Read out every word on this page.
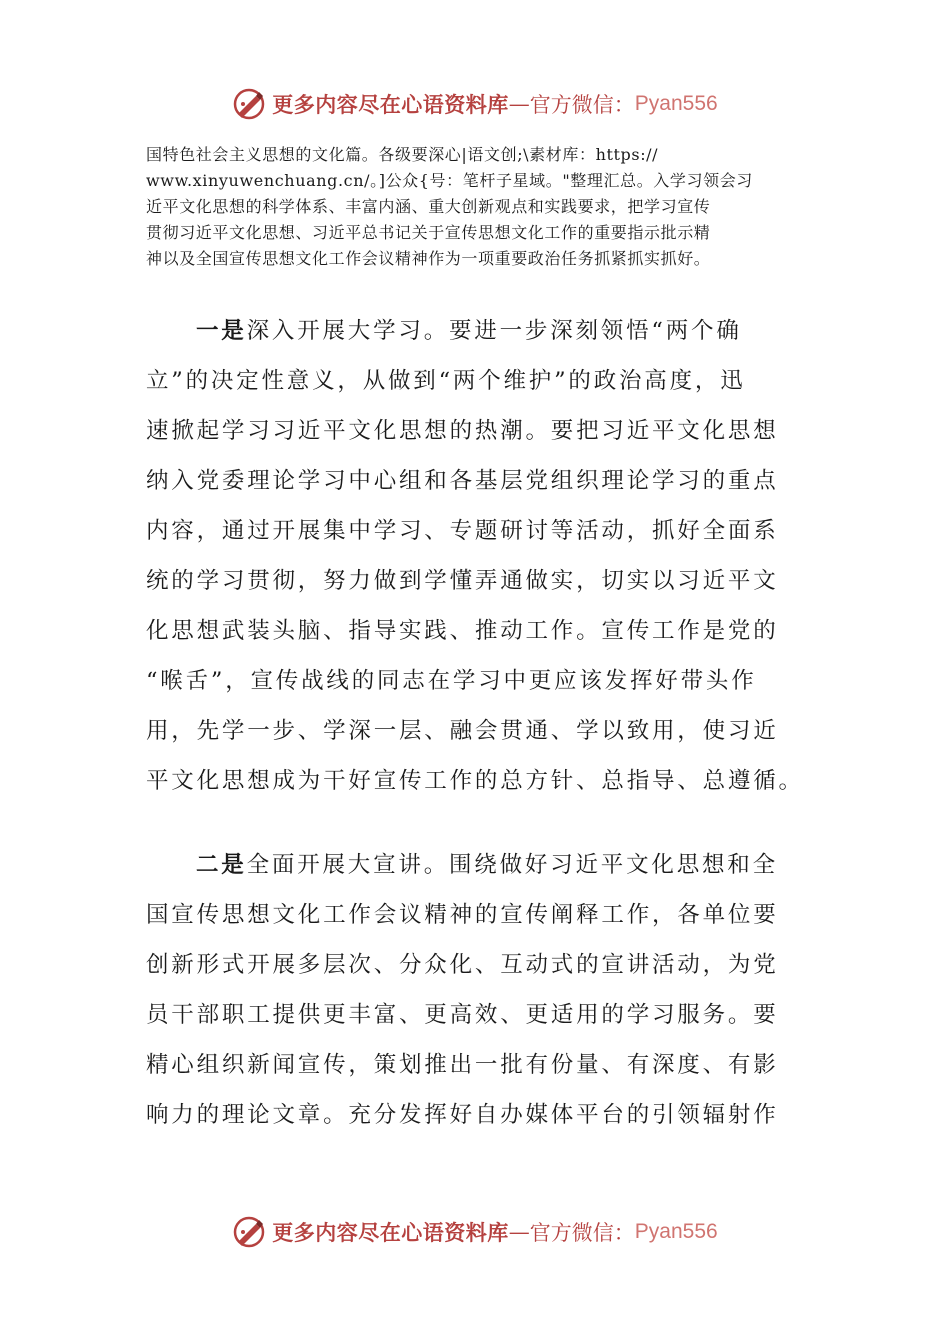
更多内容尽在心语资料库 — 官方微信： Pyan556
国特色社会主义思想的文化篇。各级要深心|语文创;\素材库：https://
www.xinyuwenchuang.cn/。]公众{号：笔杆子星域。"整理汇总。入学习领会习
近平文化思想的科学体系、丰富内涵、重大创新观点和实践要求，把学习宣传
贯彻习近平文化思想、习近平总书记关于宣传思想文化工作的重要指示批示精
神以及全国宣传思想文化工作会议精神作为一项重要政治任务抓紧抓实抓好。
一是深入开展大学习。要进一步深刻领悟“两个确
立”的决定性意义，从做到“两个维护”的政治高度，迅
速掀起学习习近平文化思想的热潮。要把习近平文化思想
纳入党委理论学习中心组和各基层党组织理论学习的重点
内容，通过开展集中学习、专题研讨等活动，抓好全面系
统的学习贯彻，努力做到学懂弄通做实，切实以习近平文
化思想武装头脑、指导实践、推动工作。宣传工作是党的
“喉舌”，宣传战线的同志在学习中更应该发挥好带头作
用，先学一步、学深一层、融会贯通、学以致用，使习近
平文化思想成为干好宣传工作的总方针、总指导、总遵循。
二是全面开展大宣讲。围绕做好习近平文化思想和全
国宣传思想文化工作会议精神的宣传阐释工作，各单位要
创新形式开展多层次、分众化、互动式的宣讲活动，为党
员干部职工提供更丰富、更高效、更适用的学习服务。要
精心组织新闻宣传，策划推出一批有份量、有深度、有影
响力的理论文章。充分发挥好自办媒体平台的引领辐射作
更多内容尽在心语资料库 — 官方微信： Pyan556
